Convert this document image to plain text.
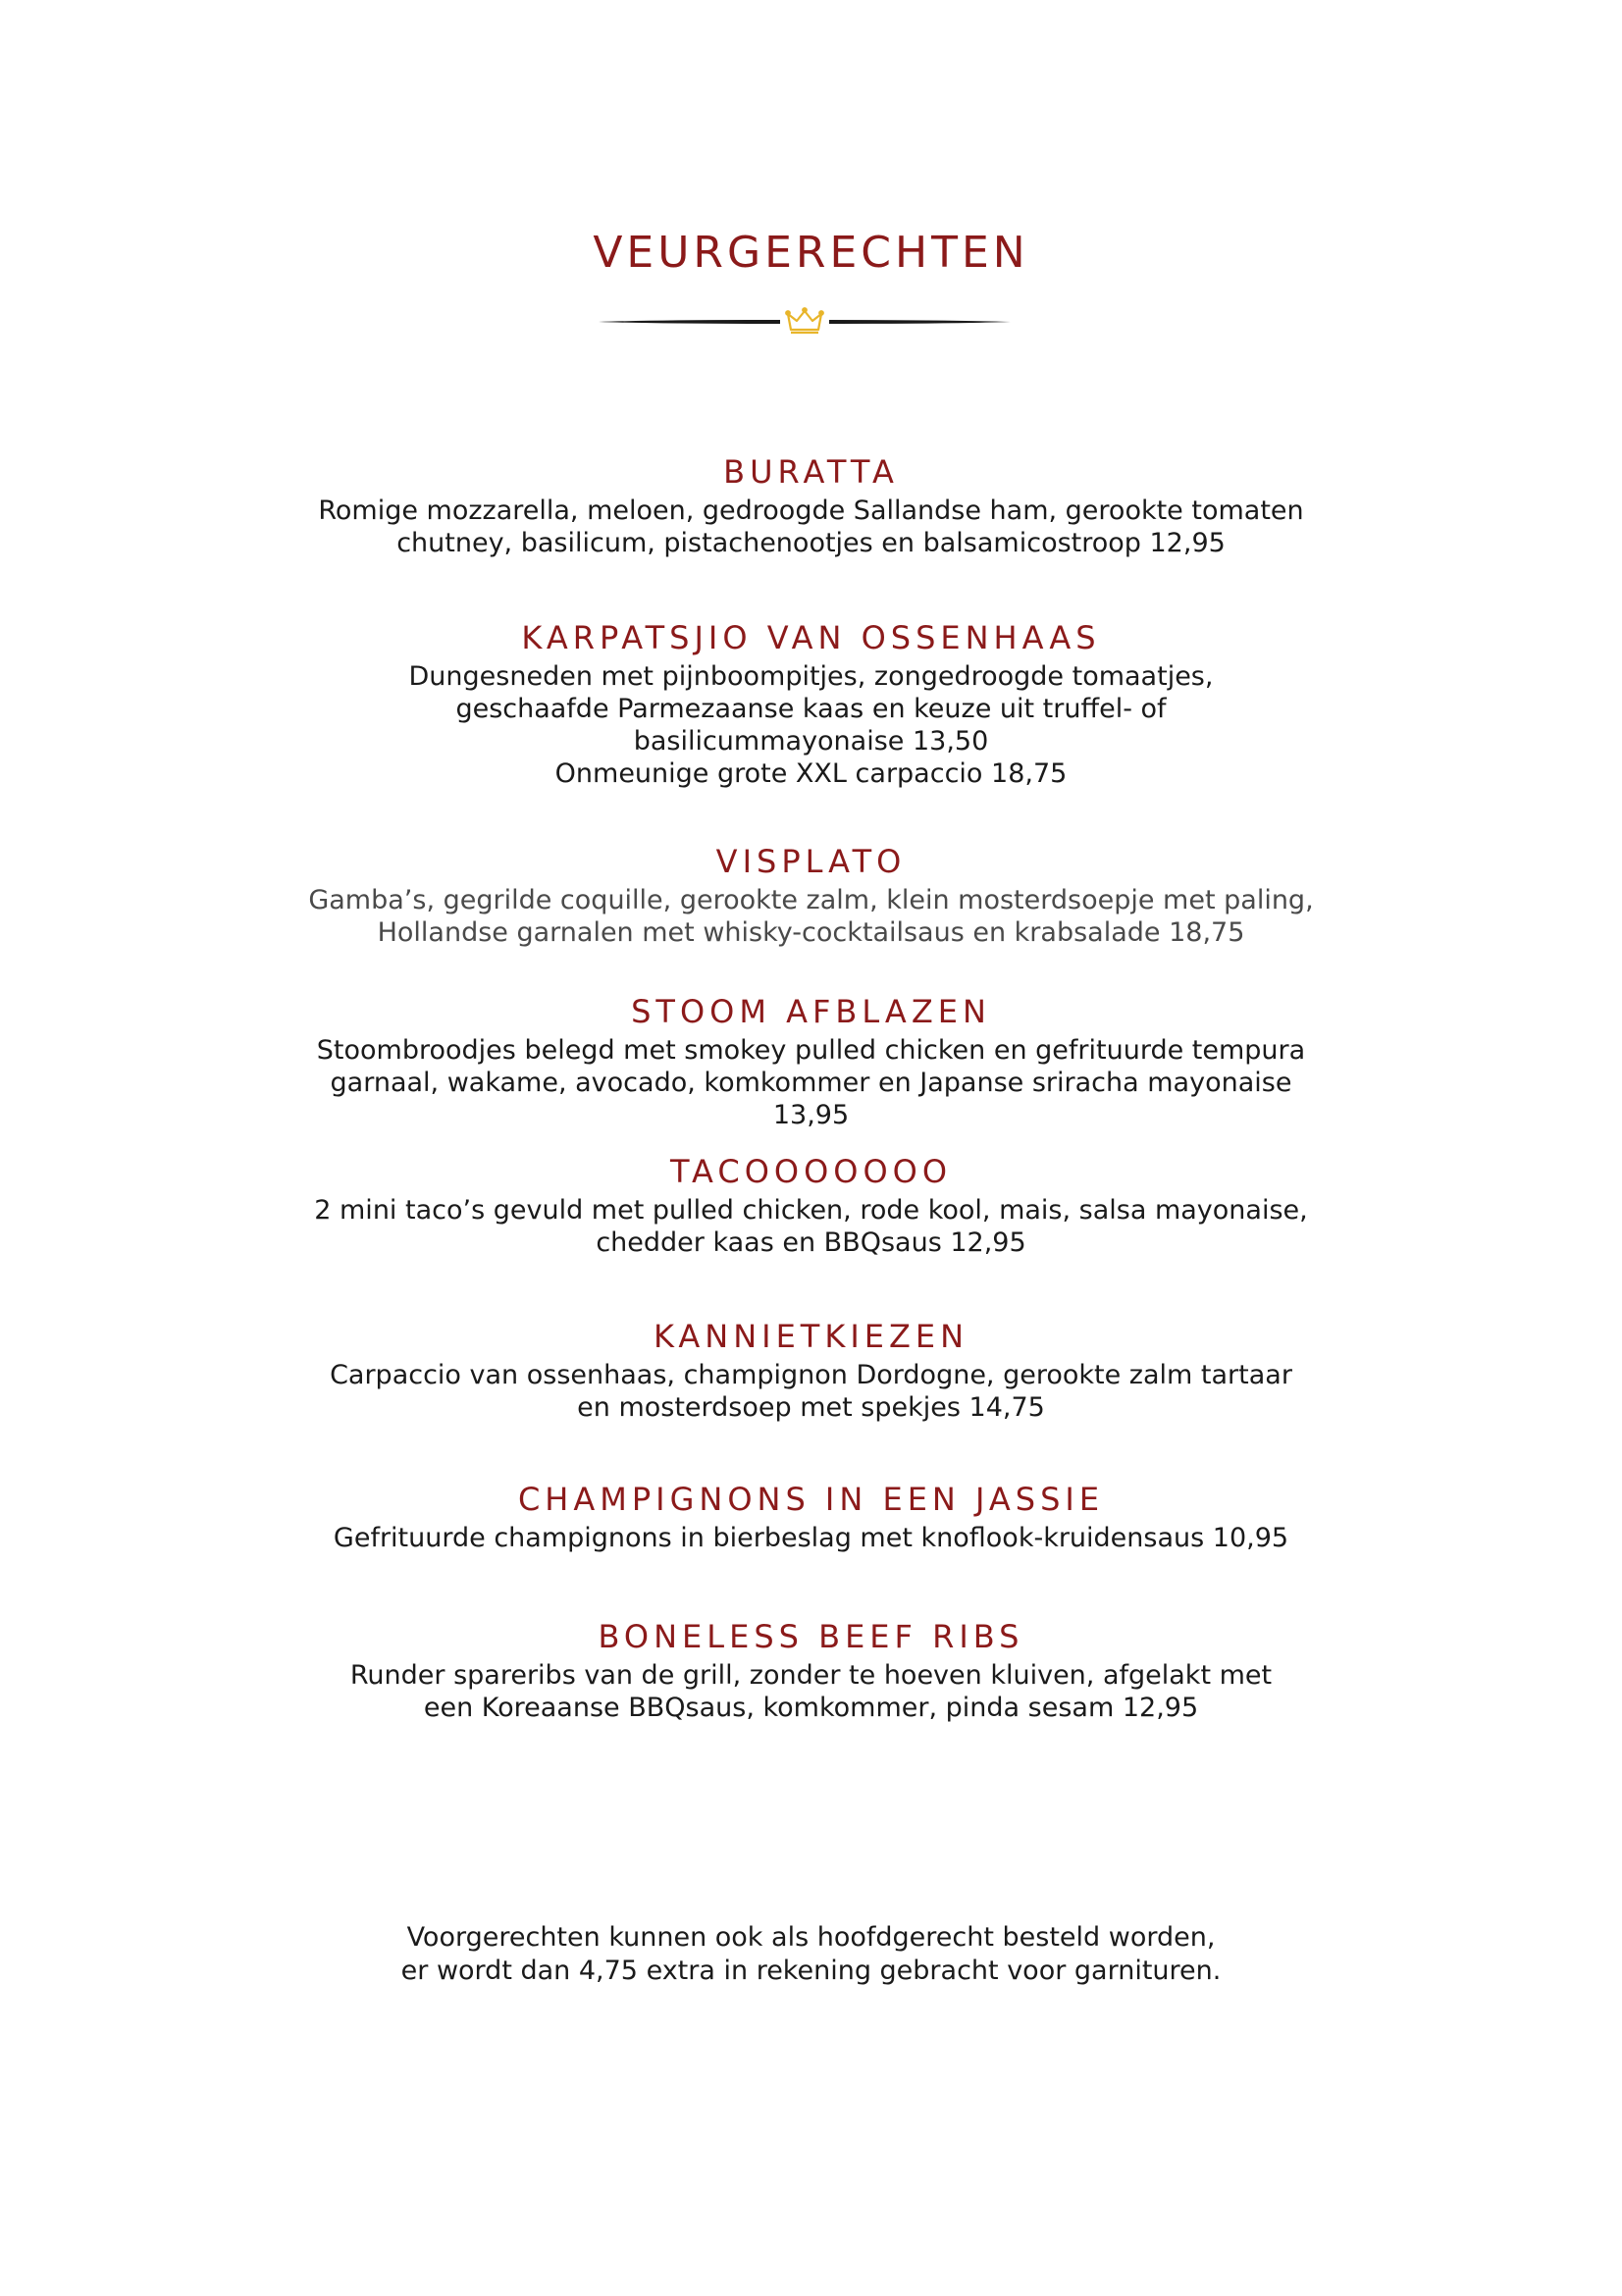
VEURGERECHTEN
BURATTA
Romige mozzarella, meloen, gedroogde Sallandse ham, gerookte tomaten
chutney, basilicum, pistachenootjes en balsamicostroop 12,95
KARPATSJIO VAN OSSENHAAS
Dungesneden met pijnboompitjes, zongedroogde tomaatjes,
geschaafde Parmezaanse kaas en keuze uit truffel- of
basilicummayonaise 13,50
Onmeunige grote XXL carpaccio 18,75
VISPLATO
Gamba’s, gegrilde coquille, gerookte zalm, klein mosterdsoepje met paling,
Hollandse garnalen met whisky-cocktailsaus en krabsalade 18,75
STOOM AFBLAZEN
Stoombroodjes belegd met smokey pulled chicken en gefrituurde tempura
garnaal, wakame, avocado, komkommer en Japanse sriracha mayonaise 13,95
TACOOOOOOO
2 mini taco’s gevuld met pulled chicken, rode kool, mais, salsa mayonaise,
chedder kaas en BBQsaus 12,95
KANNIETKIEZEN
Carpaccio van ossenhaas, champignon Dordogne, gerookte zalm tartaar
en mosterdsoep met spekjes 14,75
CHAMPIGNONS IN EEN JASSIE
Gefrituurde champignons in bierbeslag met knoflook-kruidensaus 10,95
BONELESS BEEF RIBS
Runder spareribs van de grill, zonder te hoeven kluiven, afgelakt met
een Koreaanse BBQsaus, komkommer, pinda sesam 12,95
Voorgerechten kunnen ook als hoofdgerecht besteld worden,
er wordt dan 4,75 extra in rekening gebracht voor garnituren.
